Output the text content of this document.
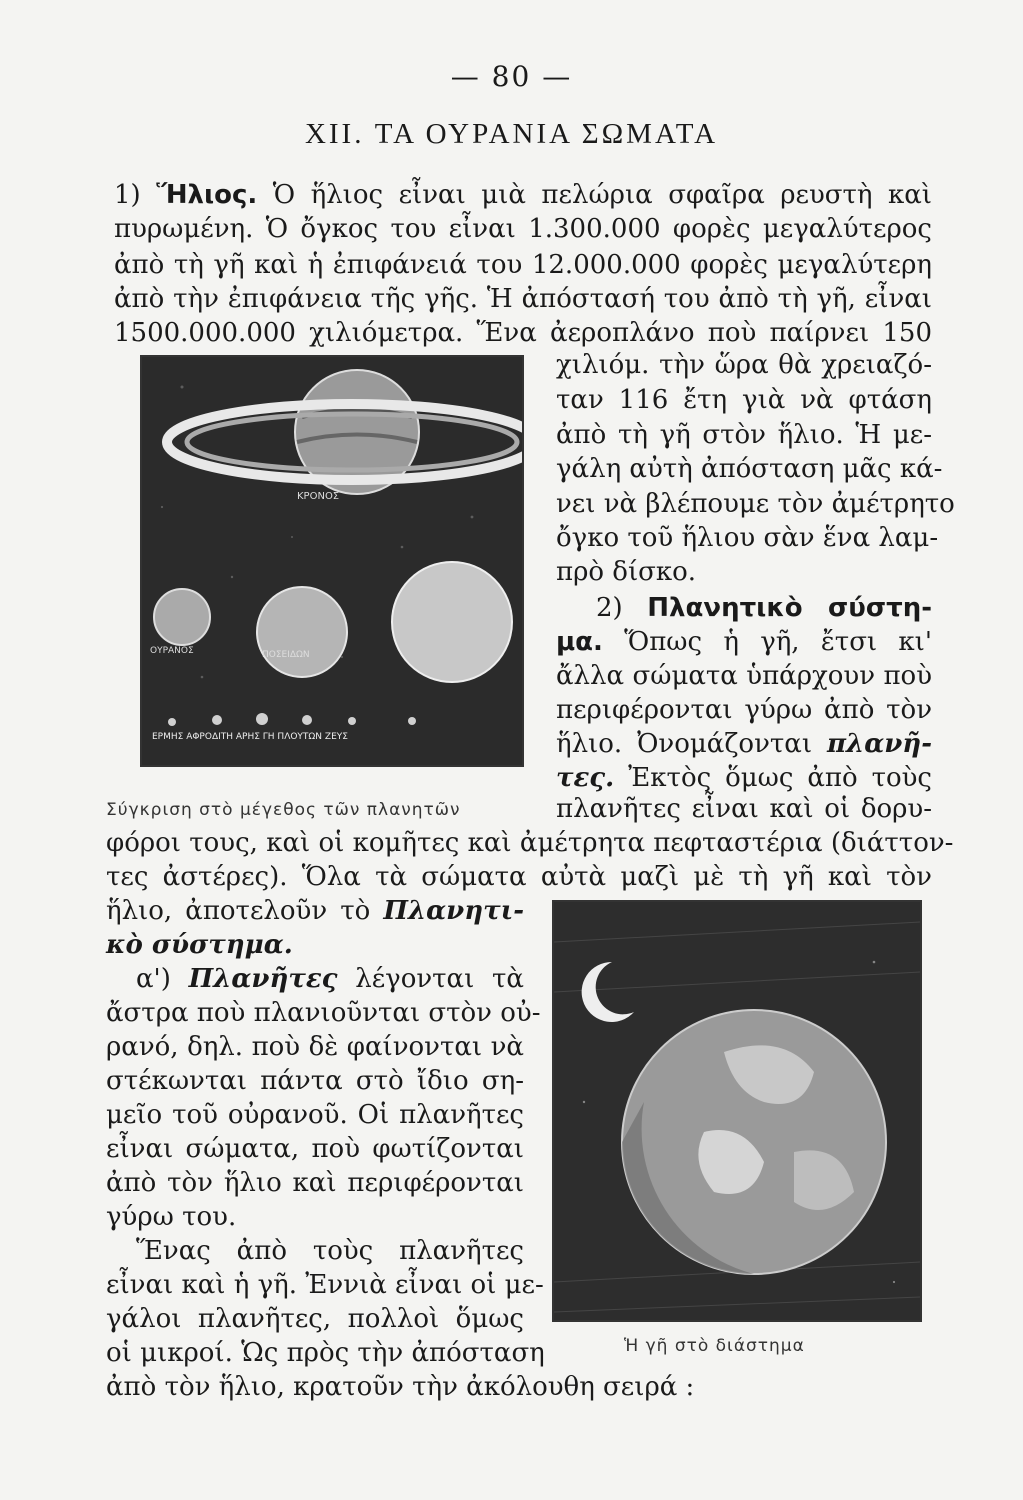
— 80 —
XII. ΤΑ ΟΥΡΑΝΙΑ ΣΩΜΑΤΑ
1) Ἥλιος. Ὁ ἥλιος εἶναι μιὰ πελώρια σφαῖρα ρευστὴ καὶ
πυρωμένη. Ὁ ὄγκος του εἶναι 1.300.000 φορὲς μεγαλύτερος
ἀπὸ τὴ γῆ καὶ ἡ ἐπιφάνειά του 12.000.000 φορὲς μεγαλύτερη
ἀπὸ τὴν ἐπιφάνεια τῆς γῆς. Ἡ ἀπόστασή του ἀπὸ τὴ γῆ, εἶναι
1500.000.000 χιλιόμετρα. Ἕνα ἀεροπλάνο ποὺ παίρνει 150
ΚΡΟΝΟΣ
ΟΥΡΑΝΟΣ	ΠΟΣΕΙΔΩΝ
ΕΡΜΗΣ ΑΦΡΟΔΙΤΗ ΑΡΗΣ ΓΗ ΠΛΟΥΤΩΝ ΖΕΥΣ
χιλιόμ. τὴν ὥρα θὰ χρειαζό-
ταν 116 ἔτη γιὰ νὰ φτάση
ἀπὸ τὴ γῆ στὸν ἥλιο. Ἡ με-
γάλη αὐτὴ ἀπόσταση μᾶς κά-
νει νὰ βλέπουμε τὸν ἀμέτρητο
ὄγκο τοῦ ἥλιου σὰν ἕνα λαμ-
πρὸ δίσκο.
2) Πλανητικὸ σύστη-
μα. Ὅπως ἡ γῆ, ἔτσι κι'
ἄλλα σώματα ὑπάρχουν ποὺ
περιφέρονται γύρω ἀπὸ τὸν
ἥλιο. Ὀνομάζονται πλανῆ-
τες. Ἐκτὸς ὅμως ἀπὸ τοὺς
Σύγκριση στὸ μέγεθος τῶν πλανητῶν	πλανῆτες εἶναι καὶ οἱ δορυ-
φόροι τους, καὶ οἱ κομῆτες καὶ ἀμέτρητα πεφταστέρια (διάττον-
τες ἀστέρες). Ὅλα τὰ σώματα αὐτὰ μαζὶ μὲ τὴ γῆ καὶ τὸν
ἥλιο, ἀποτελοῦν τὸ Πλανητι-
κὸ σύστημα.
α') Πλανῆτες λέγονται τὰ
ἄστρα ποὺ πλανιοῦνται στὸν οὐ-
ρανό, δηλ. ποὺ δὲ φαίνονται νὰ
στέκωνται πάντα στὸ ἴδιο ση-
μεῖο τοῦ οὐρανοῦ. Οἱ πλανῆτες
εἶναι σώματα, ποὺ φωτίζονται
ἀπὸ τὸν ἥλιο καὶ περιφέρονται
γύρω του.
Ἕνας ἀπὸ τοὺς πλανῆτες
εἶναι καὶ ἡ γῆ. Ἐννιὰ εἶναι οἱ με-
γάλοι πλανῆτες, πολλοὶ ὅμως
οἱ μικροί. Ὡς πρὸς τὴν ἀπόσταση	Ἡ γῆ στὸ διάστημα
ἀπὸ τὸν ἥλιο, κρατοῦν τὴν ἀκόλουθη σειρά :
